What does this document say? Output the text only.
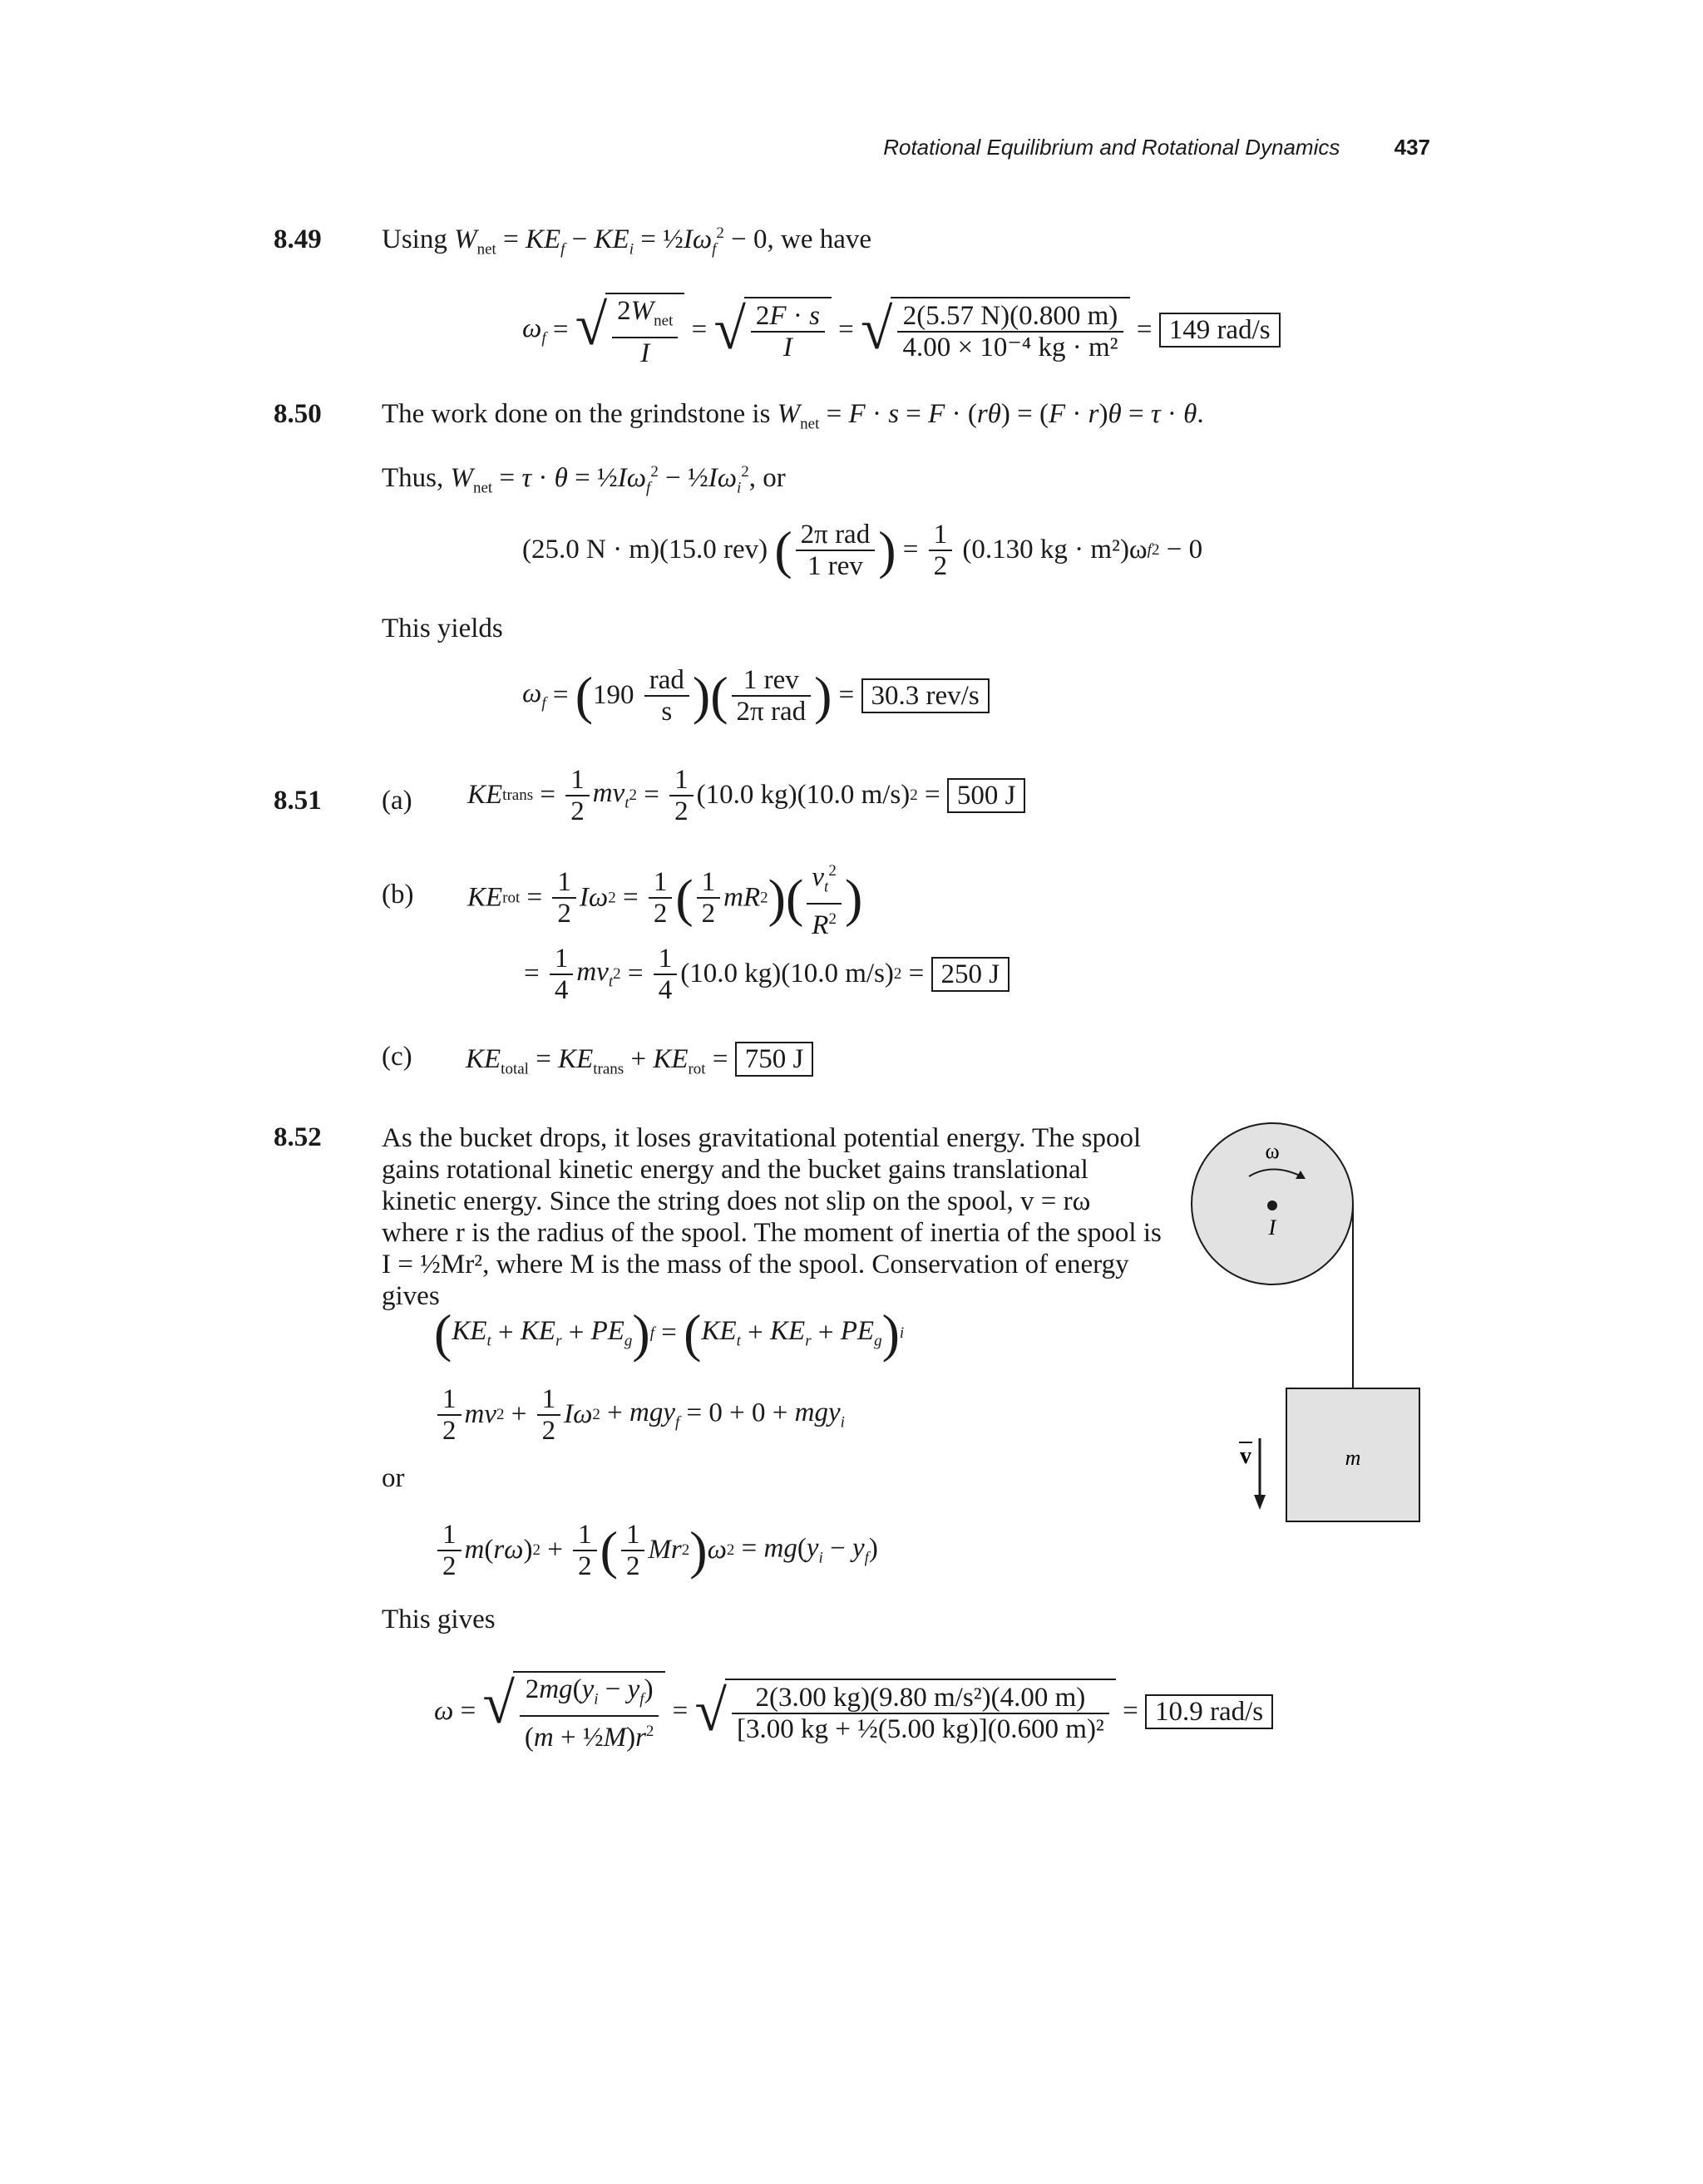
Rotational Equilibrium and Rotational Dynamics	437
8.49 Using $W_{net} = KE_f - KE_i$ = $\frac{1}{2}I\omega_f^2 - 0$, we have
$\omega_f$ = √ $\frac{2W_{net}}{I}$ = √ $\frac{2F \cdot s}{I}$ = √ $\frac{2(5.57 N)(0.800 m)}{\text{4.00 × 10⁻⁴ kg · m²}} = 149$ rad/s
8.50 The work done on the grindstone is $W_{net} = F \cdot s = F \cdot (r\theta) = (F \cdot r)\theta = \tau \cdot \theta$.
Thus, $W_{net} = \tau \cdot \theta$ = $\frac{1}{2}I\omega_f^2$ − $\frac{1}{2}I\omega_i^2$, or
(25.0 N · m)(15.0 rev) ( $\frac{\text{2π rad}}{\text{1 rev}}$ ) = $\frac{1}{2} (0.130$ kg · m²)ωf2 − 0
This yields
$\omega_f = (190 \frac{\text{rad}}{s}$ )( $\frac{\text{1 rev}}{\text{2π rad}}$ ) = 30.3 rev/s
8.51 (a) KEtrans = $\frac{1}{2} mv_t2 = \frac{1}{2} (10.0$ kg)(10.0 m/s)2 = 500 J
(b) KErot = $\frac{1}{2} I\omega 2 = \frac{1}{2}$ ( $\frac{1}{2} mR2)( \frac{v_t^2}{R^2}$ )
= $\frac{1}{4} mv_t2 = \frac{1}{4} (10.0$ kg)(10.0 m/s)2 = 250 J
(c) $KE_{total} = KE_{trans} + KE_{rot} = 750$ J
8.52 As the bucket drops, it loses gravitational potential energy. The spool gains rotational kinetic energy and the bucket gains translational kinetic energy. Since the string does not slip on the spool, v = rω where r is the radius of the spool. The moment of inertia of the spool is I = ½Mr², where M is the mass of the spool. Conservation of energy gives
$(KE_t + KE_r + PE_g)f = (KE_t + KE_r + PE_g)i$
$\frac{1}{2} mv2 + \frac{1}{2} I\omega 2 + mgy_f = 0 + 0 + mgy_i$
or
$\frac{1}{2} m(r\omega)2 + \frac{1}{2}$ ( $\frac{1}{2} Mr2)\omega 2 = mg(y_i - y_f)$
This gives
ω = √ $\frac{2mg(y_i - y_f)}{(m + \frac{1}{2}M)r^2}$ = √ $\frac{\text{2(3.00 kg)(9.80 m/s²)(4.00 m)}}{\text{[3.00 kg + ½(5.00 kg)](0.600 m)²}} = 10.9$ rad/s
ω
I
m
v
